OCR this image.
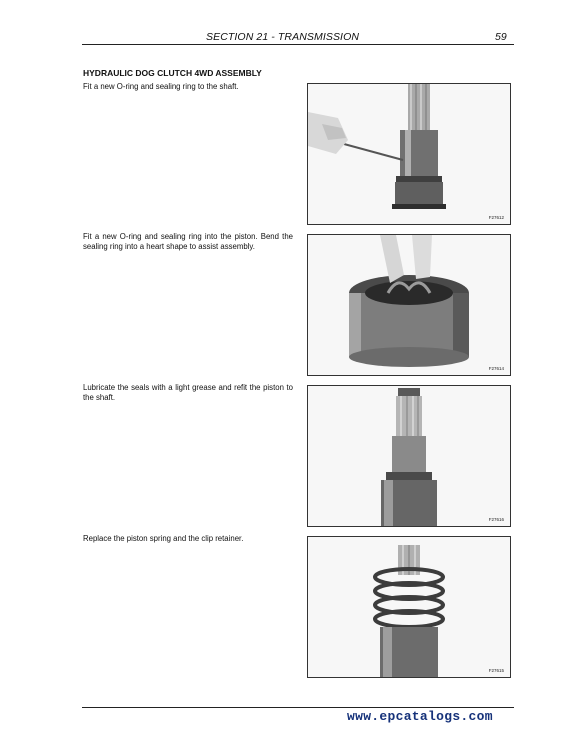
SECTION 21 - TRANSMISSION	59
HYDRAULIC DOG CLUTCH 4WD ASSEMBLY
Fit a new O-ring and sealing ring to the shaft.
F27612
Fit a new O-ring and sealing ring into the piston. Bend the sealing ring into a heart shape to assist assembly.
F27614
Lubricate the seals with a light grease and refit the piston to the shaft.
F27616
Replace the piston spring and the clip retainer.
F27615
www.epcatalogs.com
